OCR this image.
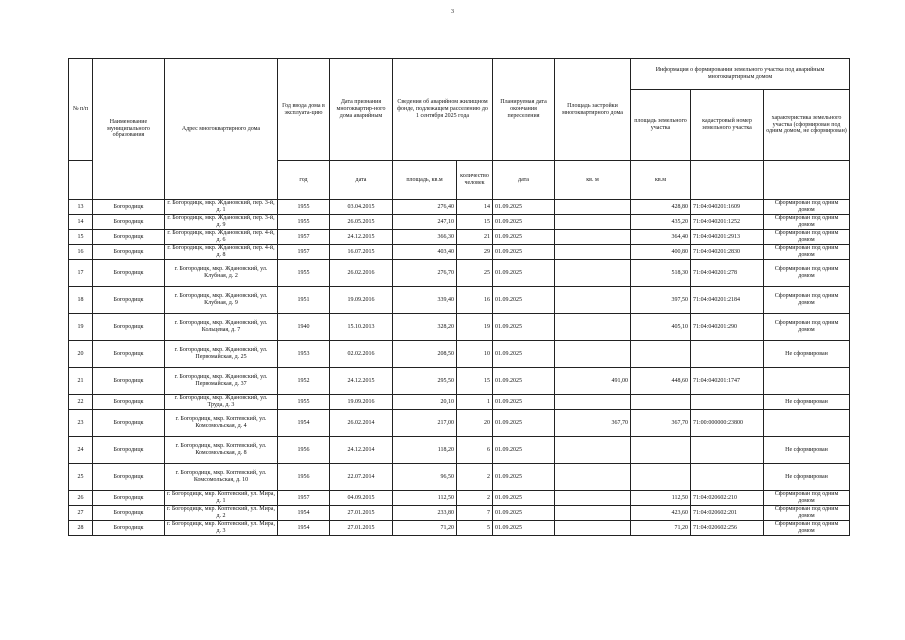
3
№ п/п	Наименование муниципального образования	Адрес многоквартирного дома	Год ввода дома в эксплуата-цию	Дата признания многоквартир-ного дома аварийным	Сведения об аварийном жилищном фонде, подлежащем расселению до 1 сентября 2025 года		Планируемая дата окончания переселения	Площадь застройки многоквартирного дома	Информация о формировании земельного участка под аварийным многоквартирным домом		
									площадь земельного участка	кадастровый номер земельного участка	характеристика земельного участка (сформирован под одним домом, не сформирован)
			год	дата	площадь, кв.м	количество человек	дата	кв. м	кв.м		
13	Богородицк	г. Богородицк, мкр. Ждановский, пер. 3-й, д. 1	1955	03.04.2015	276,40	14	01.09.2025		428,80	71:04:040201:1609	Сформирован под одним домом
14	Богородицк	г. Богородицк, мкр. Ждановский, пер. 3-й, д. 9	1955	26.05.2015	247,10	15	01.09.2025		435,20	71:04:040201:1252	Сформирован под одним домом
15	Богородицк	г. Богородицк, мкр. Ждановский, пер. 4-й, д. 6	1957	24.12.2015	366,30	21	01.09.2025		364,40	71:04:040201:2913	Сформирован под одним домом
16	Богородицк	г. Богородицк, мкр. Ждановский, пер. 4-й, д. 8	1957	16.07.2015	403,40	29	01.09.2025		400,80	71:04:040201:2830	Сформирован под одним домом
17	Богородицк	г. Богородицк, мкр. Ждановский, ул. Клубная, д. 2	1955	26.02.2016	276,70	25	01.09.2025		518,30	71:04:040201:278	Сформирован под одним домом
18	Богородицк	г. Богородицк, мкр. Ждановский, ул. Клубная, д. 9	1951	19.09.2016	339,40	16	01.09.2025		397,50	71:04:040201:2184	Сформирован под одним домом
19	Богородицк	г. Богородицк, мкр. Ждановский, ул. Кольцевая, д. 7	1940	15.10.2013	328,20	19	01.09.2025		405,10	71:04:040201:290	Сформирован под одним домом
20	Богородицк	г. Богородицк, мкр. Ждановский, ул. Первомайская, д. 25	1953	02.02.2016	208,50	10	01.09.2025				Не сформирован
21	Богородицк	г. Богородицк, мкр. Ждановский, ул. Первомайская, д. 37	1952	24.12.2015	295,50	15	01.09.2025	491,00	448,60	71:04:040201:1747	
22	Богородицк	г. Богородицк, мкр. Ждановский, ул. Труда, д. 3	1955	19.09.2016	20,10	1	01.09.2025				Не сформирован
23	Богородицк	г. Богородицк, мкр. Коптевский, ул. Комсомольская, д. 4	1954	26.02.2014	217,00	20	01.09.2025	367,70	367,70	71:00:000000:23800	
24	Богородицк	г. Богородицк, мкр. Коптевский, ул. Комсомольская, д. 8	1956	24.12.2014	118,20	6	01.09.2025				Не сформирован
25	Богородицк	г. Богородицк, мкр. Коптевский, ул. Комсомольская, д. 10	1956	22.07.2014	96,50	2	01.09.2025				Не сформирован
26	Богородицк	г. Богородицк, мкр. Коптевский, ул. Мира, д. 1	1957	04.09.2015	112,50	2	01.09.2025		112,50	71:04:020602:210	Сформирован под одним домом
27	Богородицк	г. Богородицк, мкр. Коптевский, ул. Мира, д. 2	1954	27.01.2015	233,80	7	01.09.2025		423,60	71:04:020602:201	Сформирован под одним домом
28	Богородицк	г. Богородицк, мкр. Коптевский, ул. Мира, д. 3	1954	27.01.2015	71,20	5	01.09.2025		71,20	71:04:020602:256	Сформирован под одним домом
